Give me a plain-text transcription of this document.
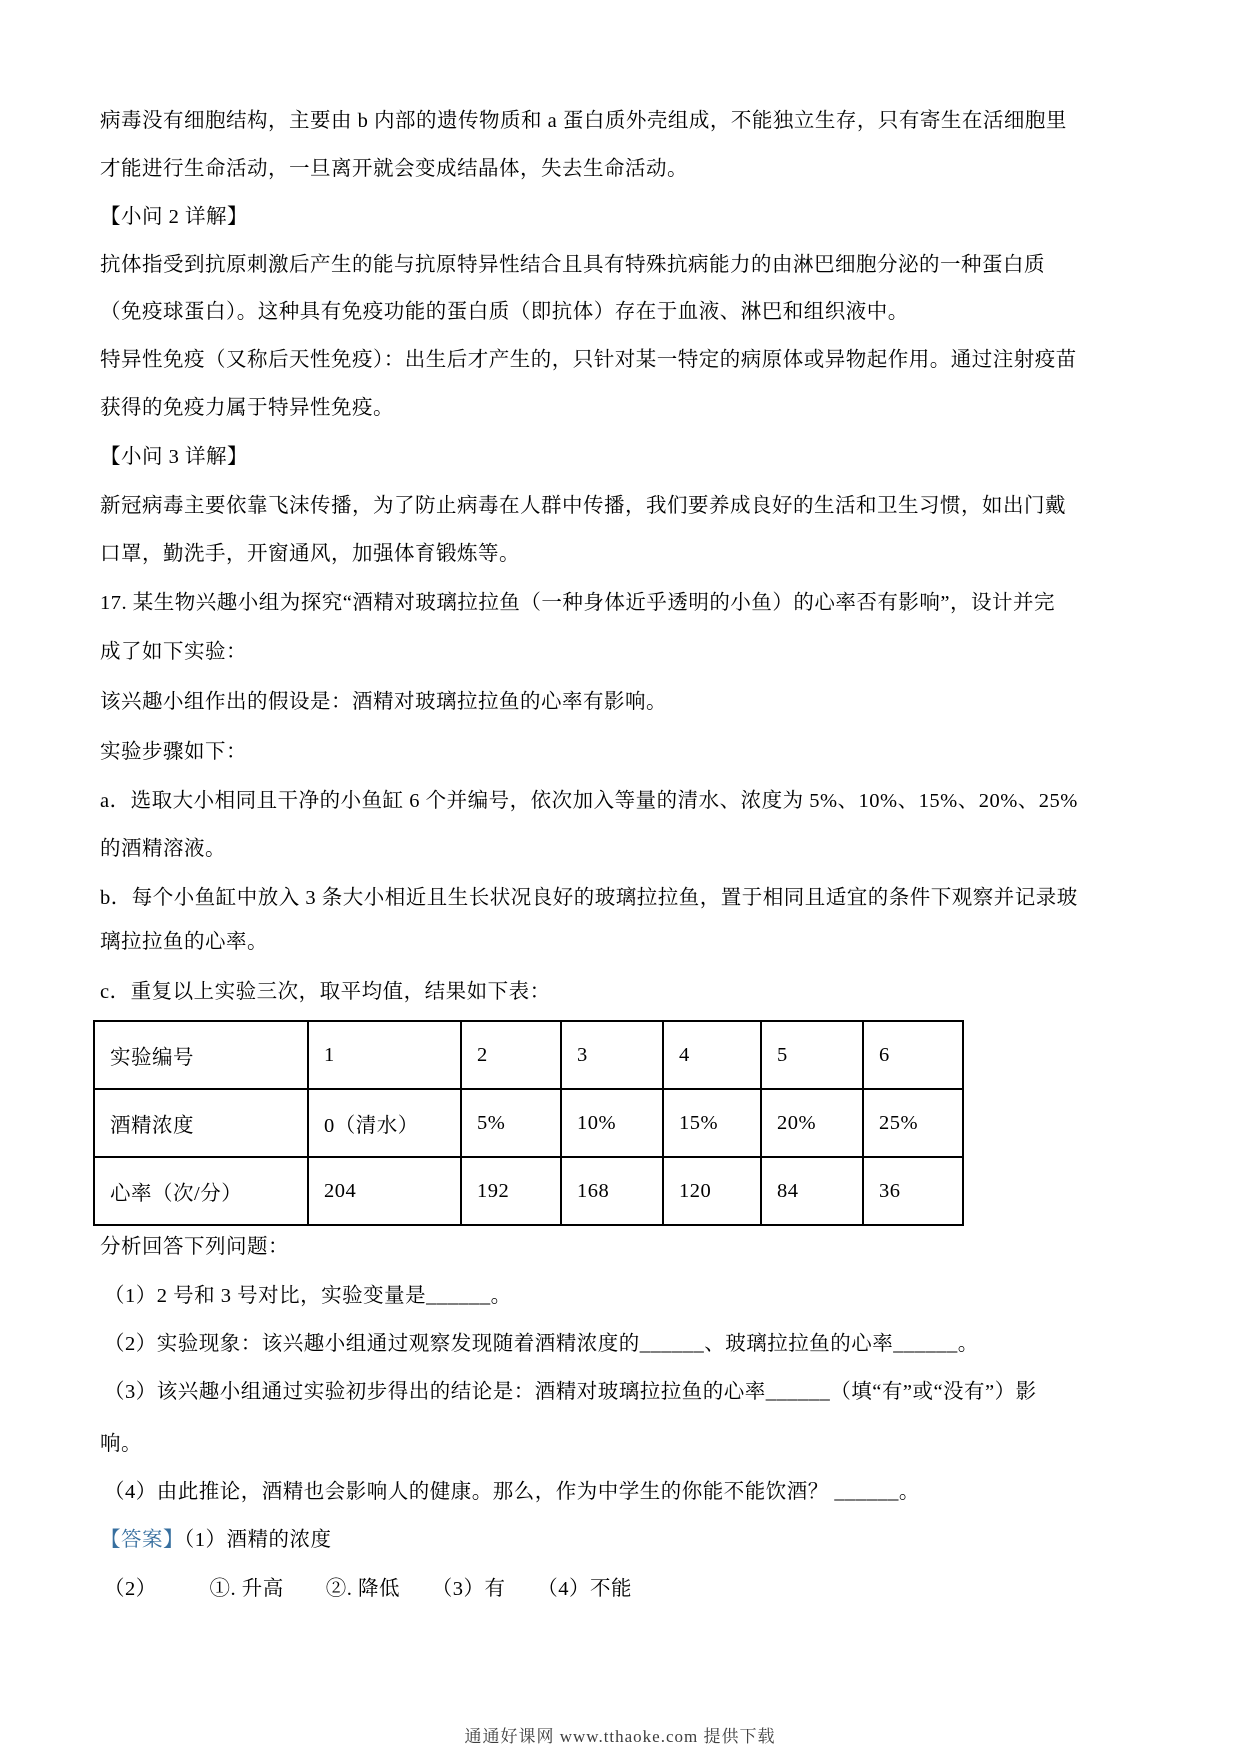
病毒没有细胞结构，主要由 b 内部的遗传物质和 a 蛋白质外壳组成，不能独立生存，只有寄生在活细胞里
才能进行生命活动，一旦离开就会变成结晶体，失去生命活动。
【小问 2 详解】
抗体指受到抗原刺激后产生的能与抗原特异性结合且具有特殊抗病能力的由淋巴细胞分泌的一种蛋白质
（免疫球蛋白）。这种具有免疫功能的蛋白质（即抗体）存在于血液、淋巴和组织液中。
特异性免疫（又称后天性免疫）：出生后才产生的，只针对某一特定的病原体或异物起作用。通过注射疫苗
获得的免疫力属于特异性免疫。
【小问 3 详解】
新冠病毒主要依靠飞沫传播，为了防止病毒在人群中传播，我们要养成良好的生活和卫生习惯，如出门戴
口罩，勤洗手，开窗通风，加强体育锻炼等。
17. 某生物兴趣小组为探究“酒精对玻璃拉拉鱼（一种身体近乎透明的小鱼）的心率否有影响”，设计并完
成了如下实验：
该兴趣小组作出的假设是：酒精对玻璃拉拉鱼的心率有影响。
实验步骤如下：
a．选取大小相同且干净的小鱼缸 6 个并编号，依次加入等量的清水、浓度为 5%、10%、15%、20%、25%
的酒精溶液。
b．每个小鱼缸中放入 3 条大小相近且生长状况良好的玻璃拉拉鱼，置于相同且适宜的条件下观察并记录玻
璃拉拉鱼的心率。
c．重复以上实验三次，取平均值，结果如下表：
实验编号	1	2	3	4	5	6
酒精浓度	0（清水）	5%	10%	15%	20%	25%
心率（次/分）	204	192	168	120	84	36
分析回答下列问题：
（1）2 号和 3 号对比，实验变量是______。
（2）实验现象：该兴趣小组通过观察发现随着酒精浓度的______、玻璃拉拉鱼的心率______。
（3）该兴趣小组通过实验初步得出的结论是：酒精对玻璃拉拉鱼的心率______（填“有”或“没有”）影
响。
（4）由此推论，酒精也会影响人的健康。那么，作为中学生的你能不能饮酒？ ______。
【答案】（1）酒精的浓度
（2）　　　①. 升高　　②. 降低　　（3）有　　（4）不能
通通好课网 www.tthaoke.com 提供下载
